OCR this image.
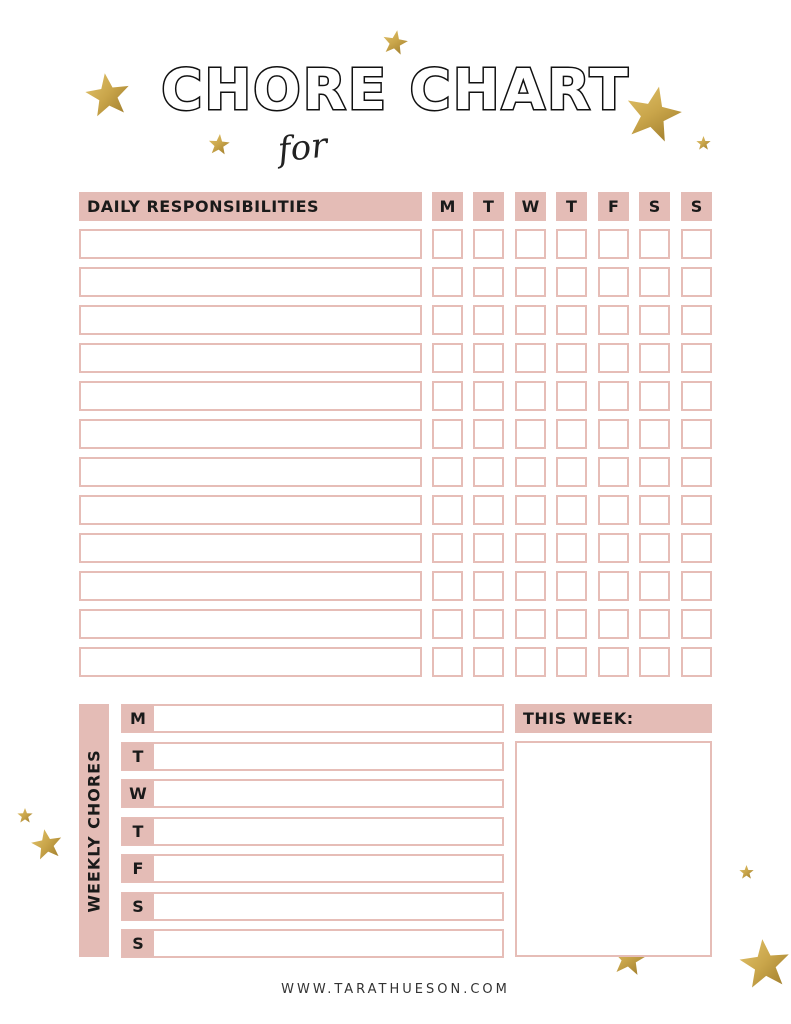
CHORE CHART
for
DAILY RESPONSIBILITIES	M	T	W	T	F	S	S
WEEKLY CHORES
M
T
W
T
F
S
S
THIS WEEK:
WWW.TARATHUESON.COM
